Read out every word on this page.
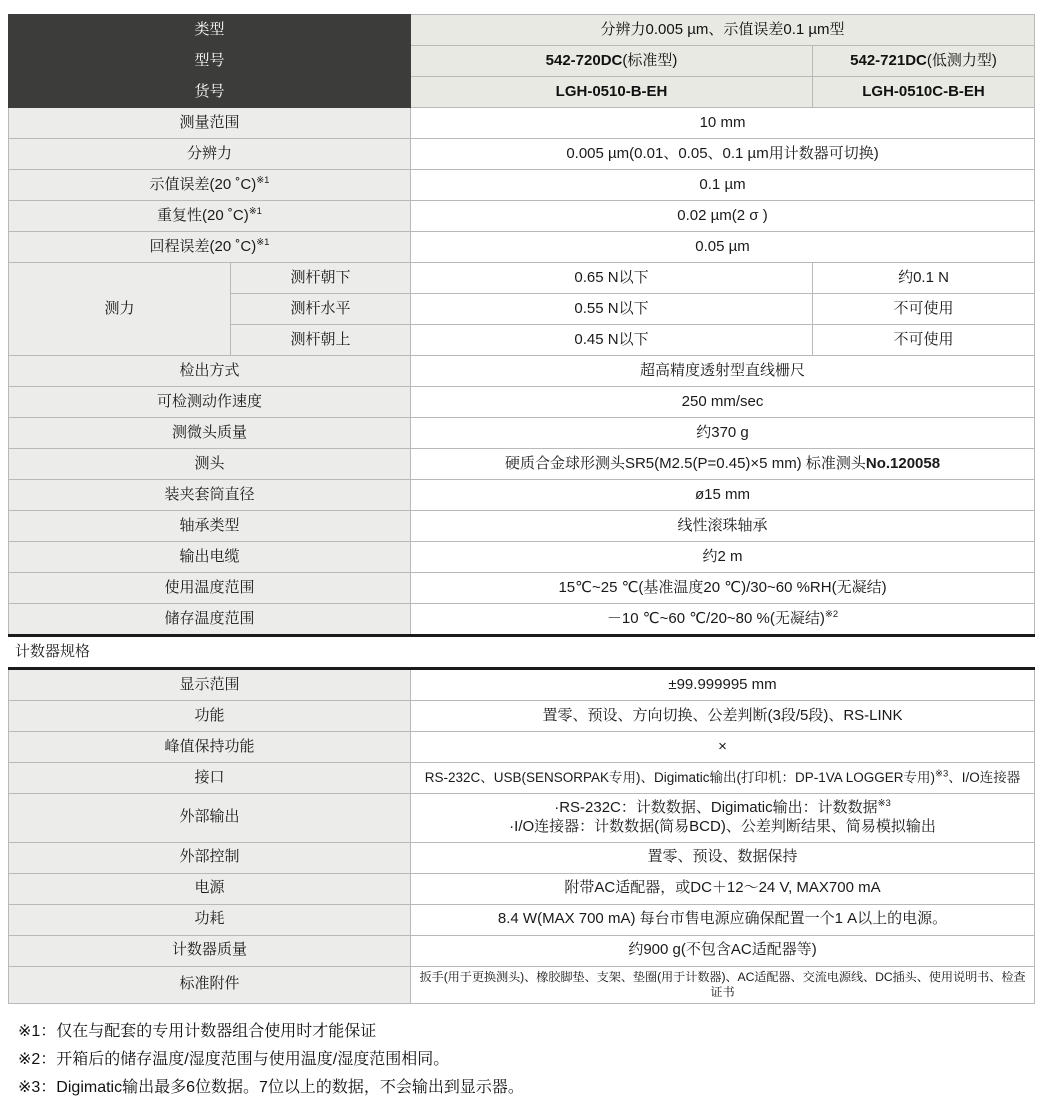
类型		分辨力0.005 µm、示值误差0.1 µm型	
型号		542-720DC(标准型)	542-721DC(低测力型)
货号		LGH-0510-B-EH	LGH-0510C-B-EH
测量范围		10 mm	
分辨力		0.005 µm(0.01、0.05、0.1 µm用计数器可切换)	
示值误差(20 ˚C)$^{※1}$		0.1 µm	
重复性(20 ˚C)$^{※1}$		0.02 µm(2 σ )	
回程误差(20 ˚C)$^{※1}$		0.05 µm	
测力	测杆朝下	0.65 N以下	约0.1 N
	测杆水平	0.55 N以下	不可使用
	测杆朝上	0.45 N以下	不可使用
检出方式		超高精度透射型直线栅尺	
可检测动作速度		250 mm/sec	
测微头质量		约370 g	
测头		硬质合金球形测头SR5(M2.5(P=0.45)×5 mm) 标准测头No.120058	
装夹套筒直径		ø15 mm	
轴承类型		线性滚珠轴承	
输出电缆		约2 m	
使用温度范围		15℃~25 ℃(基准温度20 ℃)/30~60 %RH(无凝结)	
储存温度范围		－10 ℃~60 ℃/20~80 %(无凝结)$^{※2}$
计数器规格			
显示范围		±99.999995 mm	
功能		置零、预设、方向切换、公差判断(3段/5段)、RS-LINK	
峰值保持功能		×	
接口		RS-232C、USB(SENSORPAK专用)、Digimatic输出(打印机：DP-1VA LOGGER专用)$^{※3}$、I/O连接器	
外部输出		·RS-232C：计数数据、Digimatic输出：计数数据$^{※3}$
·I/O连接器：计数数据(简易BCD)、公差判断结果、简易模拟输出	

外部控制		置零、预设、数据保持	
电源		附带AC适配器，或DC＋12～24 V, MAX700 mA	
功耗		8.4 W(MAX 700 mA) 每台市售电源应确保配置一个1 A以上的电源。	
计数器质量		约900 g(不包含AC适配器等)	
标准附件		扳手(用于更换测头)、橡胶脚垫、支架、垫圈(用于计数器)、AC适配器、交流电源线、DC插头、使用说明书、检查证书	
※1：仅在与配套的专用计数器组合使用时才能保证
※2：开箱后的储存温度/湿度范围与使用温度/湿度范围相同。
※3：Digimatic输出最多6位数据。7位以上的数据，不会输出到显示器。
